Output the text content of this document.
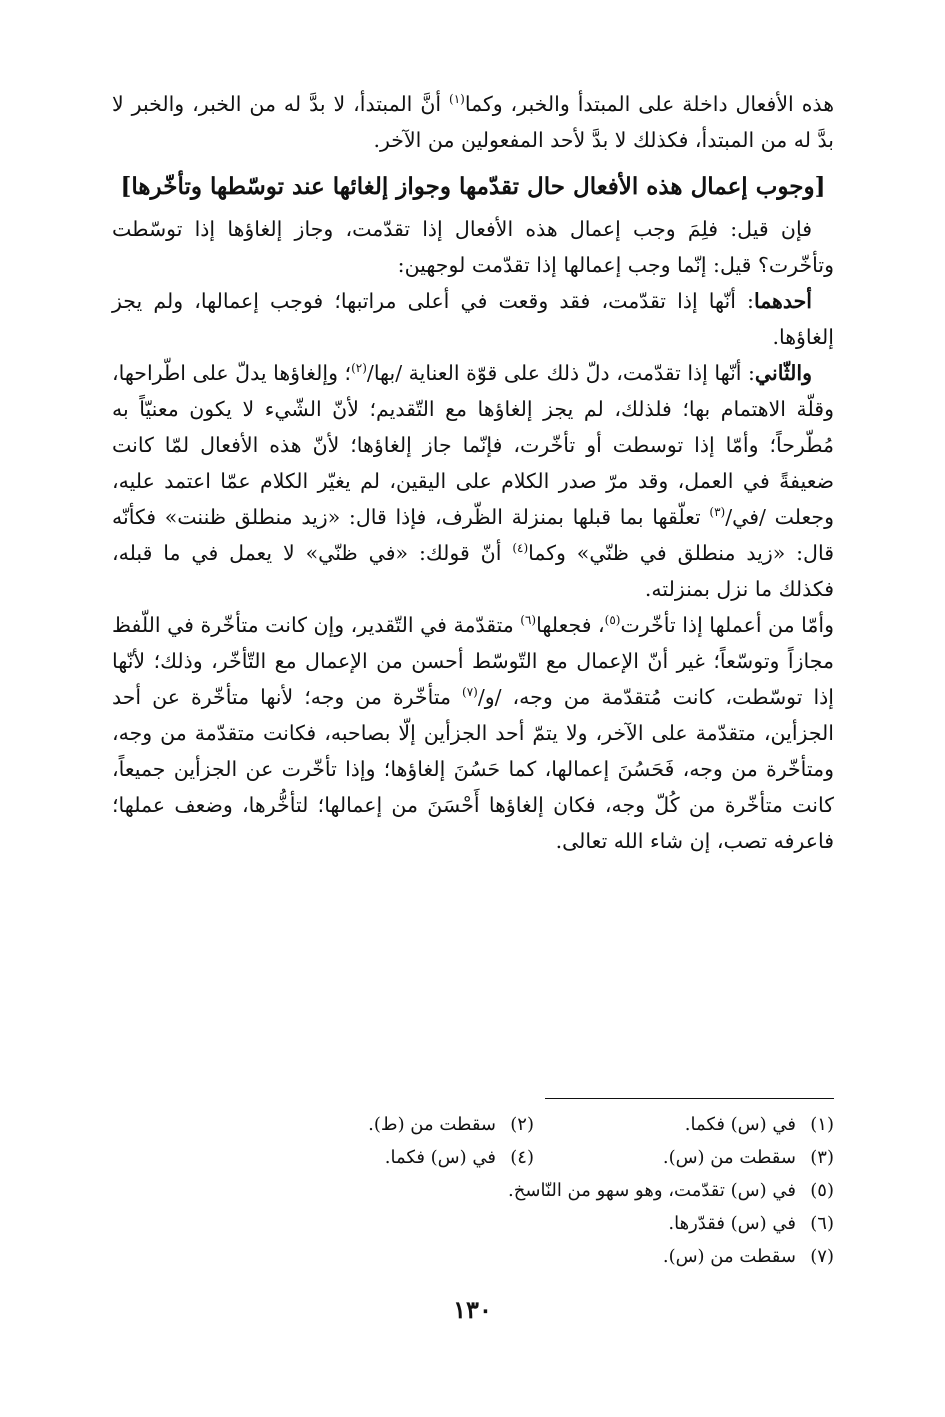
هذه الأفعال داخلة على المبتدأ والخبر، وكما$^{(١)}$ أنَّ المبتدأ، لا بدَّ له من الخبر، والخبر لا بدَّ له من المبتدأ، فكذلك لا بدَّ لأحد المفعولين من الآخر.

[وجوب إعمال هذه الأفعال حال تقدّمها وجواز إلغائها عند توسّطها وتأخّرها]

فإن قيل: فلِمَ وجب إعمال هذه الأفعال إذا تقدّمت، وجاز إلغاؤها إذا توسّطت وتأخّرت؟ قيل: إنّما وجب إعمالها إذا تقدّمت لوجهين:

أحدهما: أنّها إذا تقدّمت، فقد وقعت في أعلى مراتبها؛ فوجب إعمالها، ولم يجز إلغاؤها.

والثّاني: أنّها إذا تقدّمت، دلّ ذلك على قوّة العناية /بها/$^{(٢)}$؛ وإلغاؤها يدلّ على اطّراحها، وقلّة الاهتمام بها؛ فلذلك، لم يجز إلغاؤها مع التّقديم؛ لأنّ الشّيء لا يكون معنيّاً به مُطّرحاً؛ وأمّا إذا توسطت أو تأخّرت، فإنّما جاز إلغاؤها؛ لأنّ هذه الأفعال لمّا كانت ضعيفةً في العمل، وقد مرّ صدر الكلام على اليقين، لم يغيّر الكلام عمّا اعتمد عليه، وجعلت /في/$^{(٣)}$ تعلّقها بما قبلها بمنزلة الظّرف، فإذا قال: «زيد منطلق ظننت» فكأنّه قال: «زيد منطلق في ظنّي» وكما$^{(٤)}$ أنّ قولك: «في ظنّي» لا يعمل في ما قبله، فكذلك ما نزل بمنزلته.

وأمّا من أعملها إذا تأخّرت$^{(٥)}$، فجعلها$^{(٦)}$ متقدّمة في التّقدير، وإن كانت متأخّرة في اللّفظ مجازاً وتوسّعاً؛ غير أنّ الإعمال مع التّوسّط أحسن من الإعمال مع التّأخّر، وذلك؛ لأنّها إذا توسّطت، كانت مُتقدّمة من وجه، /و/$^{(٧)}$ متأخّرة من وجه؛ لأنها متأخّرة عن أحد الجزأين، متقدّمة على الآخر، ولا يتمّ أحد الجزأين إلّا بصاحبه، فكانت متقدّمة من وجه، ومتأخّرة من وجه، فَحَسُنَ إعمالها، كما حَسُنَ إلغاؤها؛ وإذا تأخّرت عن الجزأين جميعاً، كانت متأخّرة من كُلّ وجه، فكان إلغاؤها أَحْسَنَ من إعمالها؛ لتأخُّرها، وضعف عملها؛ فاعرفه تصب، إن شاء الله تعالى.

(١)في (س) فكما.
(٢)سقطت من (ط).
(٣)سقطت من (س).
(٤)في (س) فكما.
(٥)في (س) تقدّمت، وهو سهو من النّاسخ.
(٦)في (س) فقدّرها.
(٧)سقطت من (س).
١٣٠
